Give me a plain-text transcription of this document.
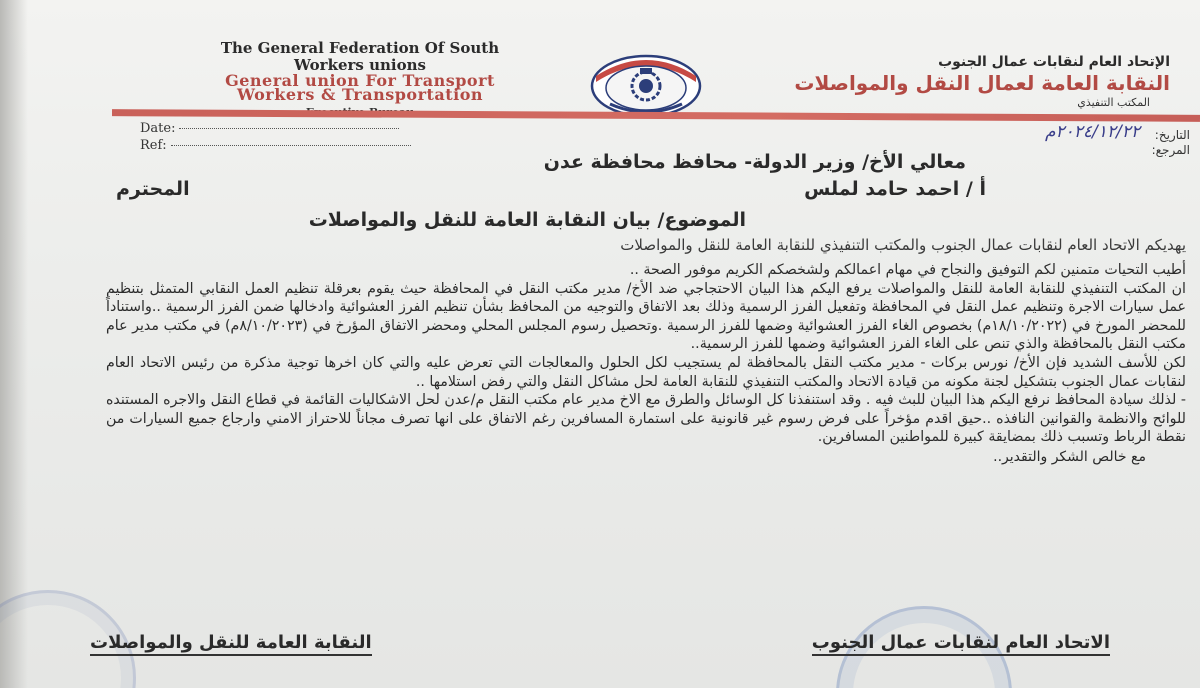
The General Federation Of South
Workers unions
General union For Transport
Workers & Transportation
الإتحاد العام لنقابات عمال الجنوب
النقابة العامة لعمال النقل والمواصلات
المكتب التنفيذي
Date:
Ref:
التاريخ:
المرجع:
٢٠٢٤/١٢/٢٢م
معالي الأخ/ وزير الدولة- محافظ محافظة عدن
أ / احمد حامد لملس
المحترم
الموضوع/ بيان النقابة العامة للنقل والمواصلات
يهديكم الاتحاد العام لنقابات عمال الجنوب والمكتب التنفيذي للنقابة العامة للنقل والمواصلات

أطيب التحيات متمنين لكم التوفيق والنجاح في مهام اعمالكم ولشخصكم الكريم موفور الصحة ..

ان المكتب التنفيذي للنقابة العامة للنقل والمواصلات يرفع اليكم هذا البيان الاحتجاجي ضد الأخ/ مدير مكتب النقل في المحافظة حيث يقوم بعرقلة تنظيم العمل النقابي المتمثل بتنظيم عمل سيارات الاجرة وتنظيم عمل النقل في المحافظة وتفعيل الفرز الرسمية وذلك بعد الاتفاق والتوجيه من المحافظ بشأن تنظيم الفرز العشوائية وادخالها ضمن الفرز الرسمية ..واستناداً للمحضر المورخ في (١٨/١٠/٢٠٢٢م) بخصوص الغاء الفرز العشوائية وضمها للفرز الرسمية .وتحصيل رسوم المجلس المحلي ومحضر الاتفاق المؤرخ في (٨/١٠/٢٠٢٣م) في مكتب مدير عام مكتب النقل بالمحافظة والذي تنص على الغاء الفرز العشوائية وضمها للفرز الرسمية..

لكن للأسف الشديد فإن الأخ/ نورس بركات - مدير مكتب النقل بالمحافظة لم يستجيب لكل الحلول والمعالجات التي تعرض عليه والتي كان اخرها توجية مذكرة من رئيس الاتحاد العام لنقابات عمال الجنوب بتشكيل لجنة مكونه من قيادة الاتحاد والمكتب التنفيذي للنقابة العامة لحل مشاكل النقل والتي رفض استلامها ..

- لذلك سيادة المحافظ نرفع اليكم هذا البيان للبث فيه . وقد استنفذنا كل الوسائل والطرق مع الاخ مدير عام مكتب النقل م/عدن لحل الاشكاليات القائمة في قطاع النقل والاجره المستنده للوائح والانظمة والقوانين النافذه ..حيق اقدم مؤخراً على فرض رسوم غير قانونية على استمارة المسافرين رغم الاتفاق على انها تصرف مجاناً للاحتراز الامني وارجاع جميع السيارات من نقطة الرباط وتسبب ذلك بمضايقة كبيرة للمواطنين المسافرين.

مع خالص الشكر والتقدير..
الاتحاد العام لنقابات عمال الجنوب
النقابة العامة للنقل والمواصلات
